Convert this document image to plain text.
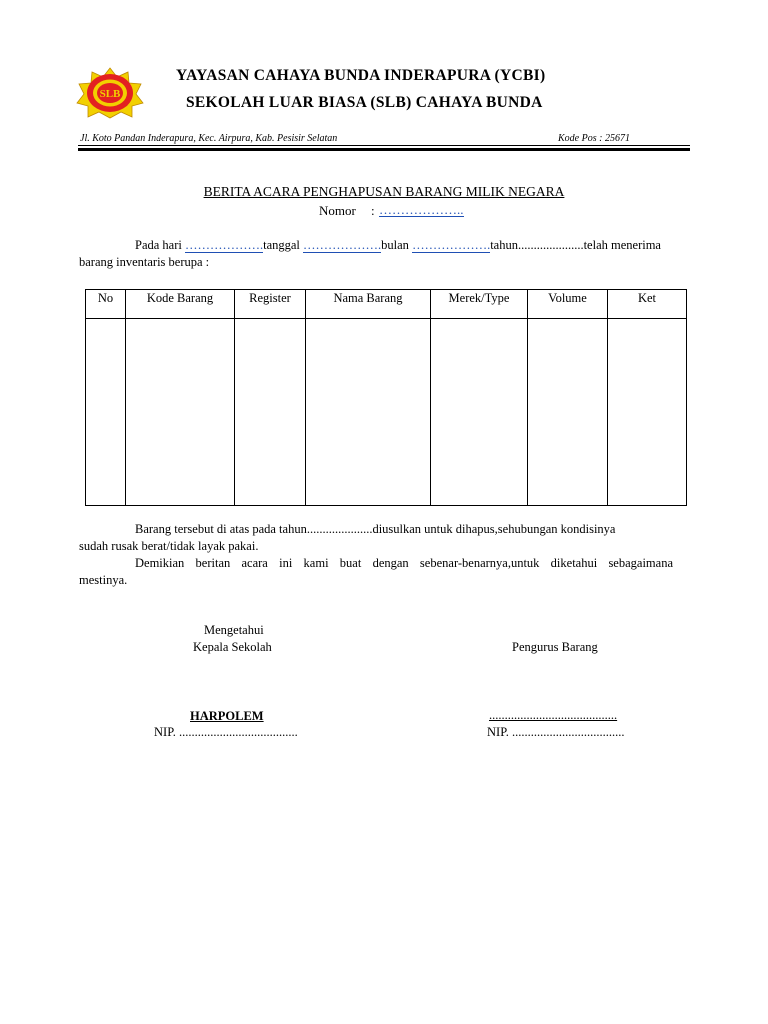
SLB
YAYASAN CAHAYA BUNDA INDERAPURA (YCBI)
SEKOLAH LUAR BIASA (SLB) CAHAYA BUNDA
Jl. Koto Pandan Inderapura, Kec. Airpura, Kab. Pesisir Selatan	Kode Pos : 25671
BERITA ACARA PENGHAPUSAN BARANG MILIK NEGARA
Nomor : ………………..
Pada hari ……………….tanggal ……………….bulan ……………….tahun.....................telah menerima
barang inventaris berupa :
No	Kode Barang	Register	Nama Barang	Merek/Type	Volume	Ket

Barang tersebut di atas pada tahun.....................diusulkan untuk dihapus,sehubungan kondisinya
sudah rusak berat/tidak layak pakai.
Demikian beritan acara ini kami buat dengan sebenar-benarnya,untuk diketahui sebagaimana
mestinya.
Mengetahui
Kepala Sekolah	Pengurus Barang
HARPOLEM	.........................................
NIP. ......................................	NIP. ....................................
